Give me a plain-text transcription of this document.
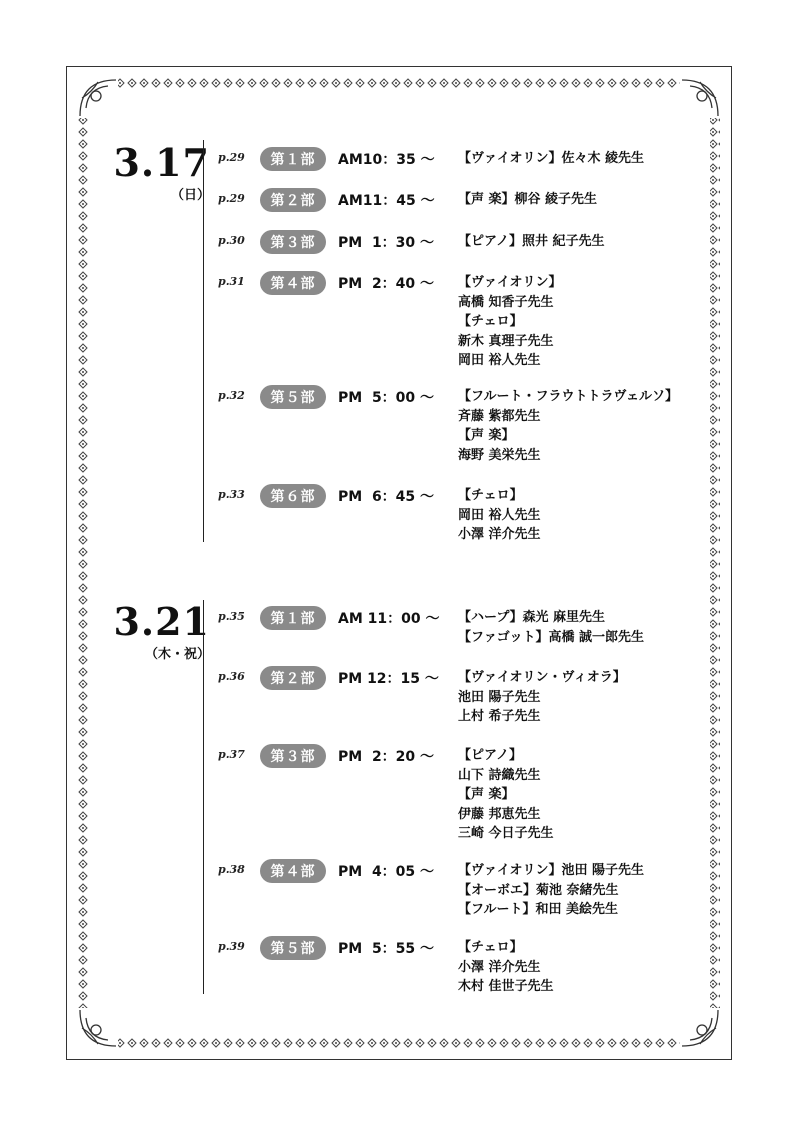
3.17
（日）
p.29	第１部	AM10：35 ～ 【ヴァイオリン】佐々木 綾先生
p.29	第２部	AM11：45 ～ 【声 楽】柳谷 綾子先生
p.30	第３部	PM  1：30 ～ 【ピアノ】照井 紀子先生
p.31	第４部	PM  2：40 ～ 【ヴァイオリン】
高橋 知香子先生
【チェロ】
新木 真理子先生
岡田 裕人先生
p.32	第５部	PM  5：00 ～ 【フルート・フラウトトラヴェルソ】
斉藤 紫都先生
【声 楽】
海野 美栄先生
p.33	第６部	PM  6：45 ～ 【チェロ】
岡田 裕人先生
小澤 洋介先生
3.21
（木・祝）
p.35	第１部	AM 11：00 ～ 【ハープ】森光 麻里先生
【ファゴット】高橋 誠一郎先生
p.36	第２部	PM 12：15 ～ 【ヴァイオリン・ヴィオラ】
池田 陽子先生
上村 希子先生
p.37	第３部	PM  2：20 ～ 【ピアノ】
山下 詩織先生
【声 楽】
伊藤 邦恵先生
三崎 今日子先生
p.38	第４部	PM  4：05 ～ 【ヴァイオリン】池田 陽子先生
【オーボエ】菊池 奈緒先生
【フルート】和田 美絵先生
p.39	第５部	PM  5：55 ～ 【チェロ】
小澤 洋介先生
木村 佳世子先生
